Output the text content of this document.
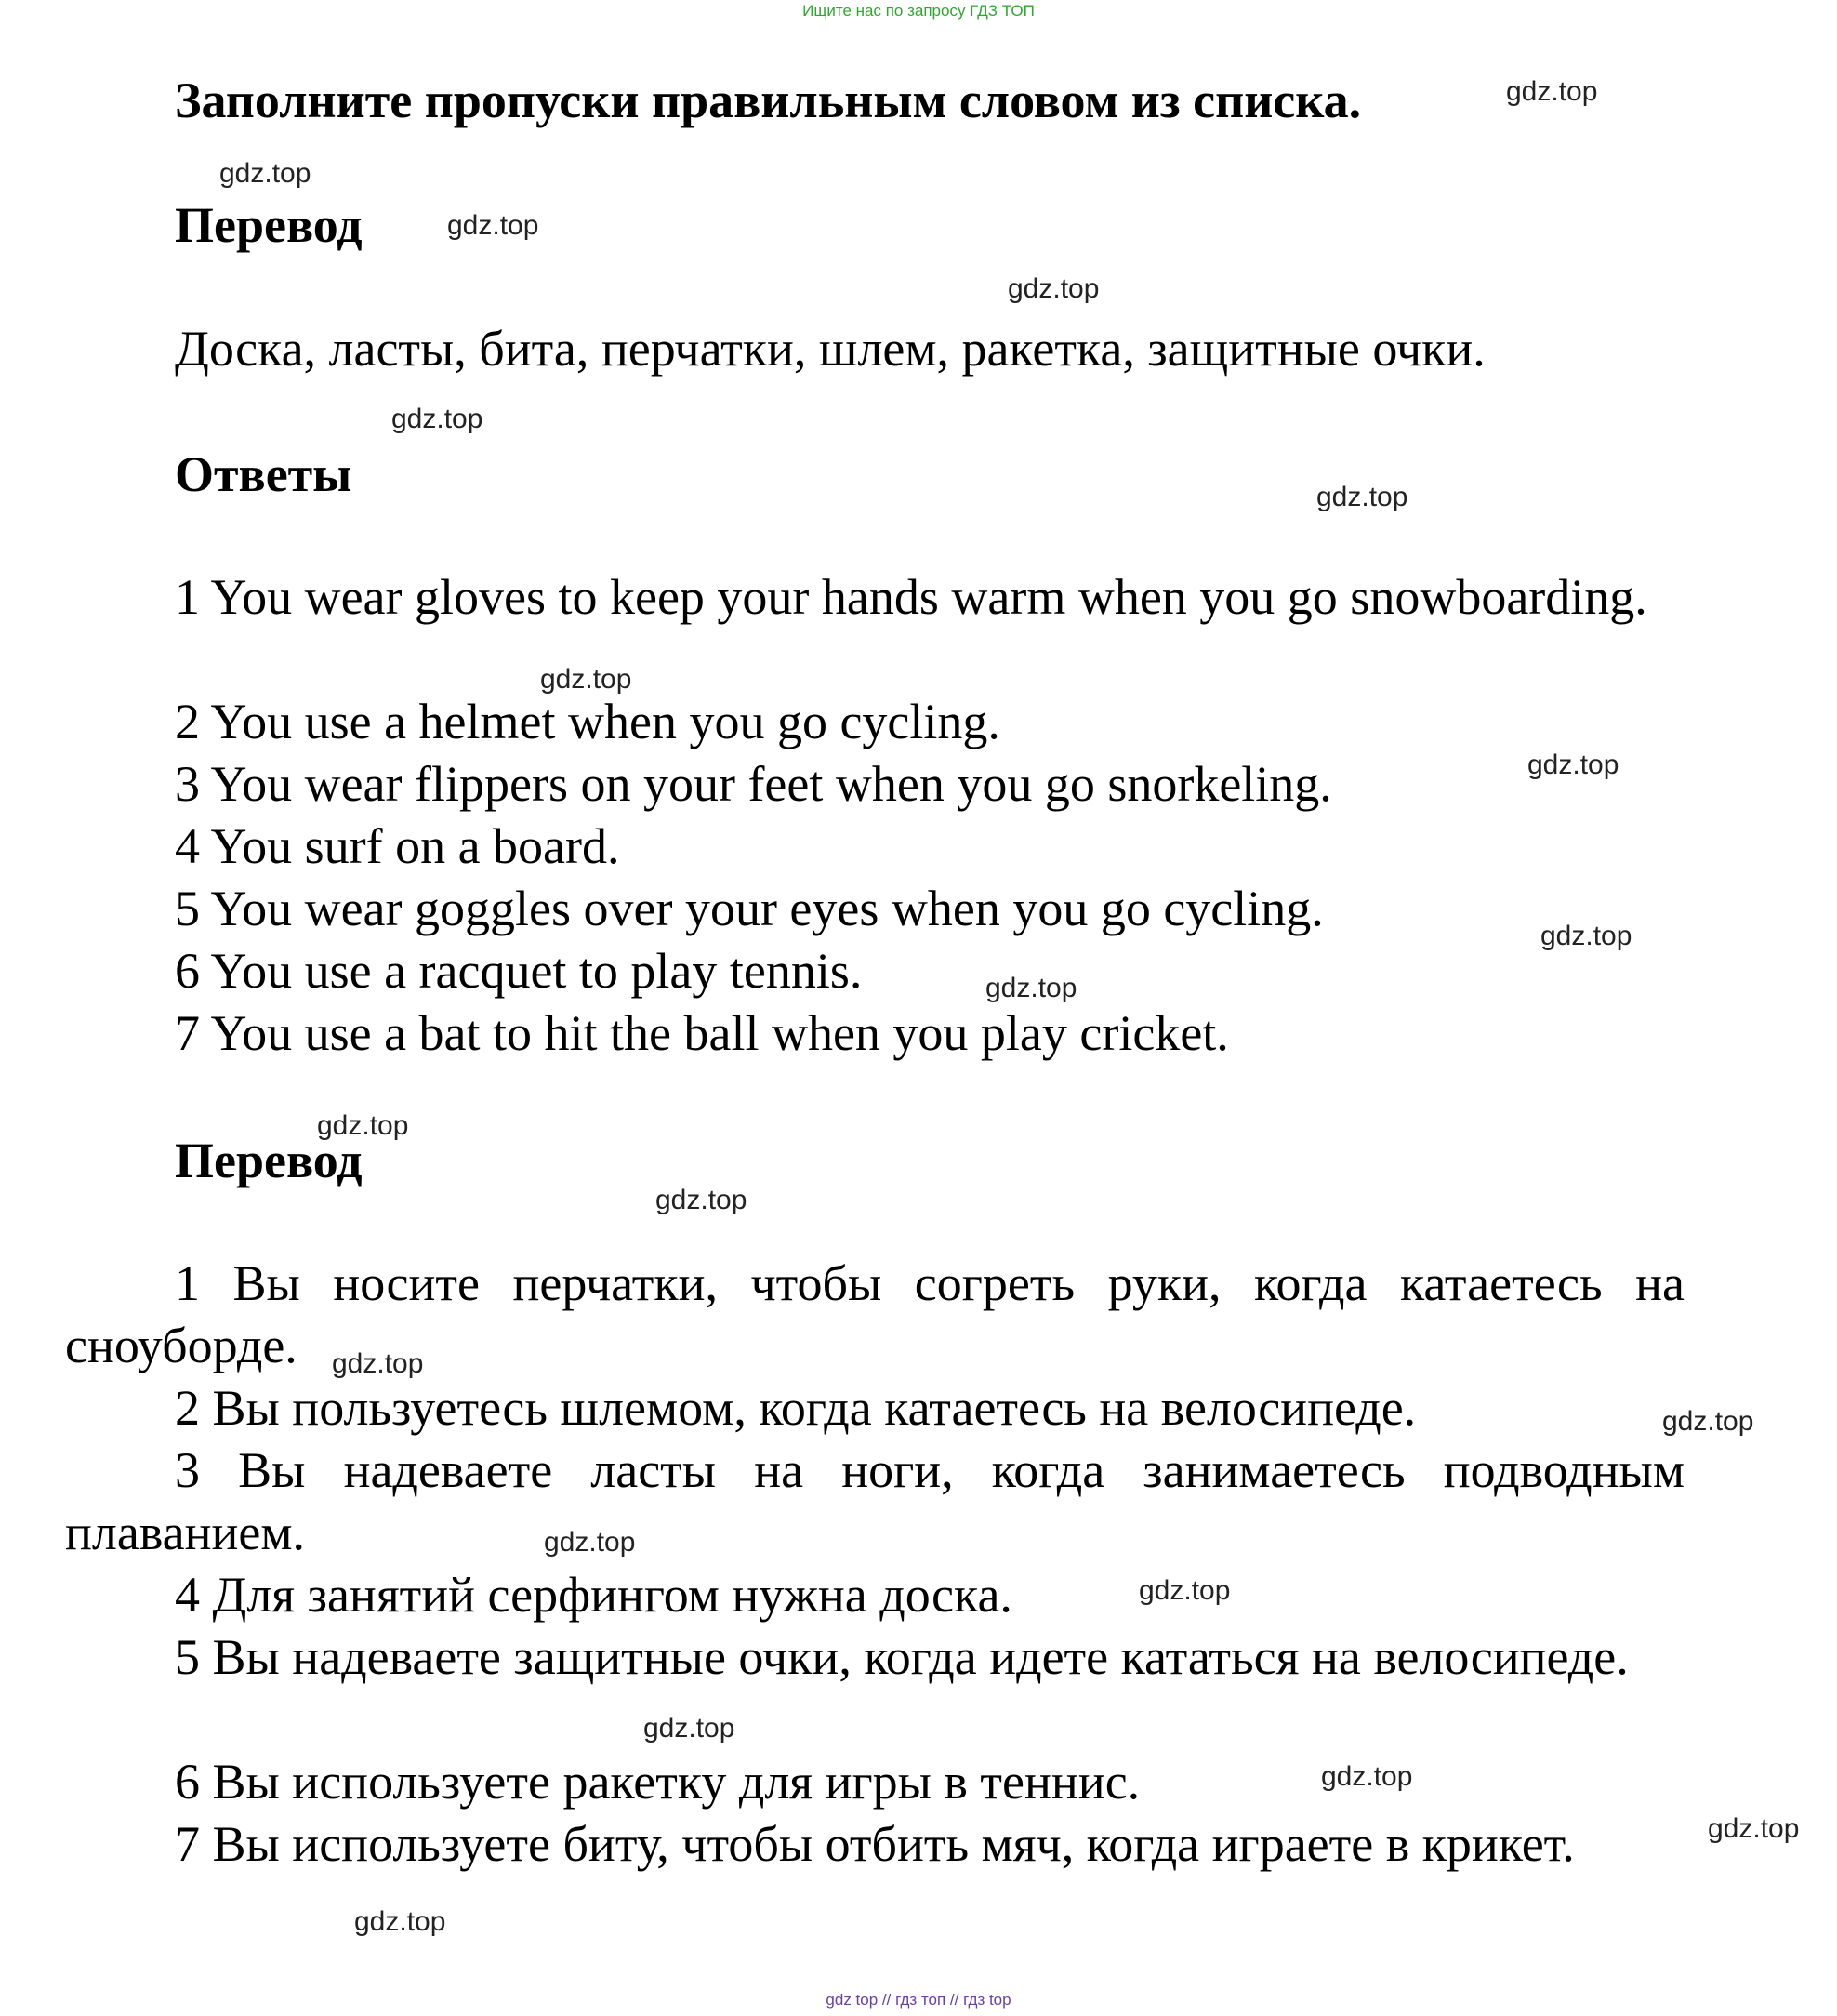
Ищите нас по запросу ГДЗ ТОП
Заполните пропуски правильным словом из списка.
Перевод
Доска, ласты, бита, перчатки, шлем, ракетка, защитные очки.
Ответы

1 You wear gloves to keep your hands warm when you go snowboarding.

2 You use a helmet when you go cycling.

3 You wear flippers on your feet when you go snorkeling.

4 You surf on a board.

5 You wear goggles over your eyes when you go cycling.

6 You use a racquet to play tennis.

7 You use a bat to hit the ball when you play cricket.

Перевод

1 Вы носите перчатки, чтобы согреть руки, когда катаетесь на сноуборде.

2 Вы пользуетесь шлемом, когда катаетесь на велосипеде.

3 Вы надеваете ласты на ноги, когда занимаетесь подводным плаванием.

4 Для занятий серфингом нужна доска.

5 Вы надеваете защитные очки, когда идете кататься на велосипеде.

6 Вы используете ракетку для игры в теннис.

7 Вы используете биту, чтобы отбить мяч, когда играете в крикет.

gdz.top
gdz.top
gdz.top
gdz.top
gdz.top
gdz.top
gdz.top
gdz.top
gdz.top
gdz.top
gdz.top
gdz.top
gdz.top
gdz.top
gdz.top
gdz.top
gdz.top
gdz.top
gdz.top
gdz.top
gdz top // гдз топ // гдз top
